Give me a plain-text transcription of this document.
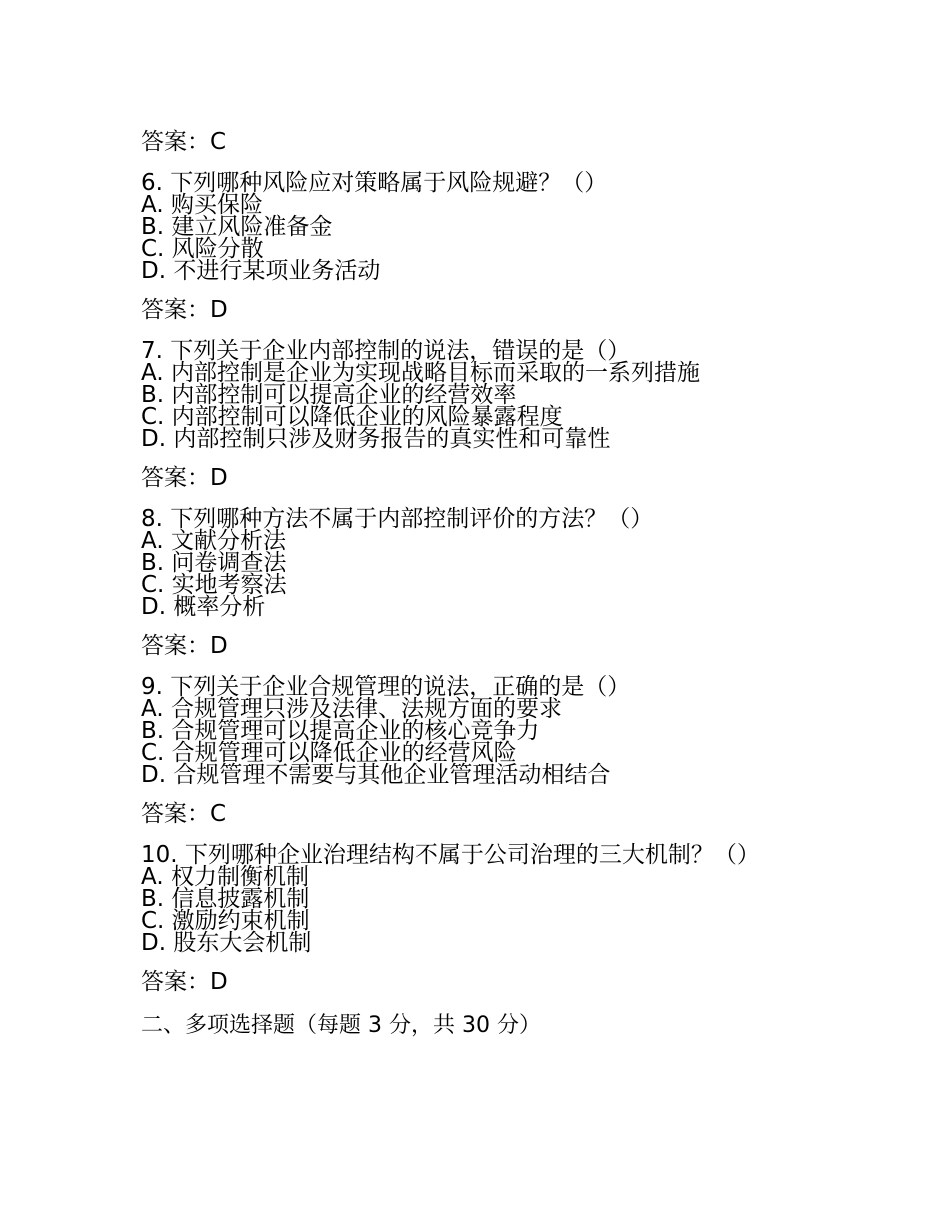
答案：C

6. 下列哪种风险应对策略属于风险规避？（）

A. 购买保险

B. 建立风险准备金

C. 风险分散

D. 不进行某项业务活动

答案：D

7. 下列关于企业内部控制的说法，错误的是（）

A. 内部控制是企业为实现战略目标而采取的一系列措施

B. 内部控制可以提高企业的经营效率

C. 内部控制可以降低企业的风险暴露程度

D. 内部控制只涉及财务报告的真实性和可靠性

答案：D

8. 下列哪种方法不属于内部控制评价的方法？（）

A. 文献分析法

B. 问卷调查法

C. 实地考察法

D. 概率分析

答案：D

9. 下列关于企业合规管理的说法，正确的是（）

A. 合规管理只涉及法律、法规方面的要求

B. 合规管理可以提高企业的核心竞争力

C. 合规管理可以降低企业的经营风险

D. 合规管理不需要与其他企业管理活动相结合

答案：C

10. 下列哪种企业治理结构不属于公司治理的三大机制？（）

A. 权力制衡机制

B. 信息披露机制

C. 激励约束机制

D. 股东大会机制

答案：D

二、多项选择题（每题 3 分，共 30 分）
